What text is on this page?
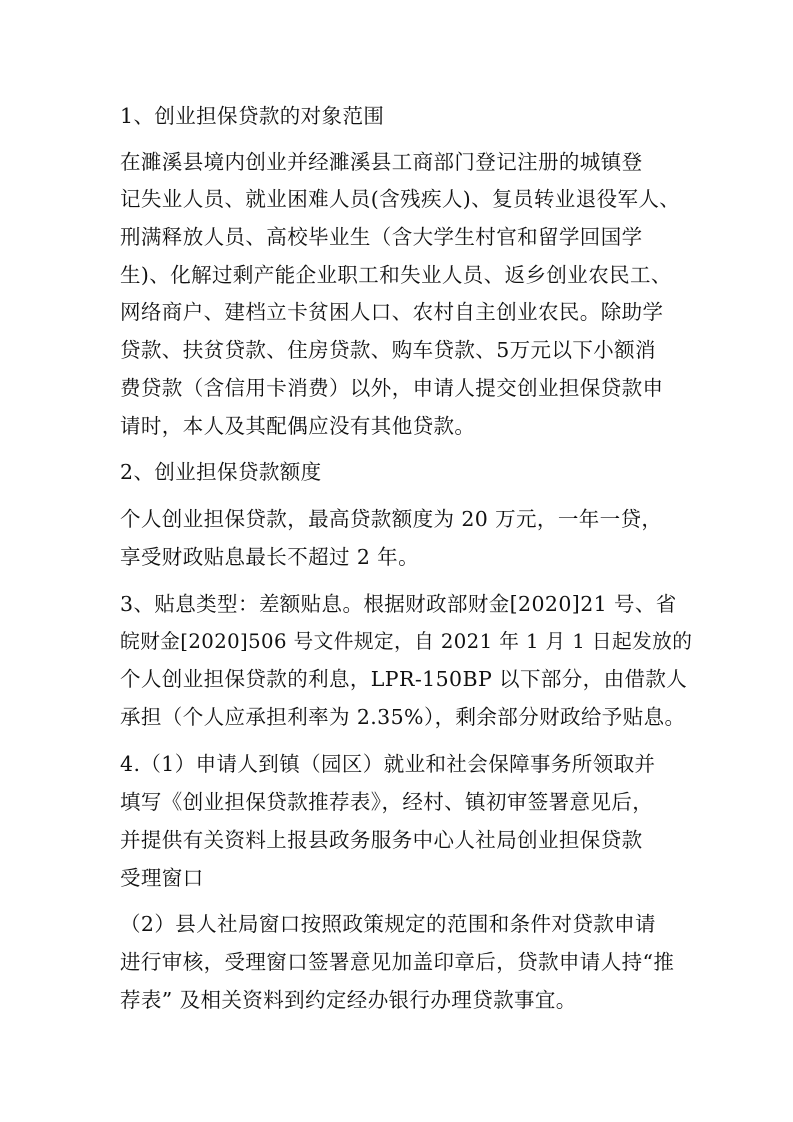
1、创业担保贷款的对象范围
在濉溪县境内创业并经濉溪县工商部门登记注册的城镇登
记失业人员、就业困难人员(含残疾人)、复员转业退役军人、
刑满释放人员、高校毕业生（含大学生村官和留学回国学
生)、化解过剩产能企业职工和失业人员、返乡创业农民工、
网络商户、建档立卡贫困人口、农村自主创业农民。除助学
贷款、扶贫贷款、住房贷款、购车贷款、5万元以下小额消
费贷款（含信用卡消费）以外，申请人提交创业担保贷款申
请时，本人及其配偶应没有其他贷款。
2、创业担保贷款额度
个人创业担保贷款，最高贷款额度为 20 万元，一年一贷，
享受财政贴息最长不超过 2 年。
3、贴息类型：差额贴息。根据财政部财金[2020]21 号、省
皖财金[2020]506 号文件规定，自 2021 年 1 月 1 日起发放的
个人创业担保贷款的利息，LPR-150BP 以下部分，由借款人
承担（个人应承担利率为 2.35%），剩余部分财政给予贴息。
4.（1）申请人到镇（园区）就业和社会保障事务所领取并
填写《创业担保贷款推荐表》，经村、镇初审签署意见后，
并提供有关资料上报县政务服务中心人社局创业担保贷款
受理窗口
（2）县人社局窗口按照政策规定的范围和条件对贷款申请
进行审核，受理窗口签署意见加盖印章后，贷款申请人持“推
荐表” 及相关资料到约定经办银行办理贷款事宜。
